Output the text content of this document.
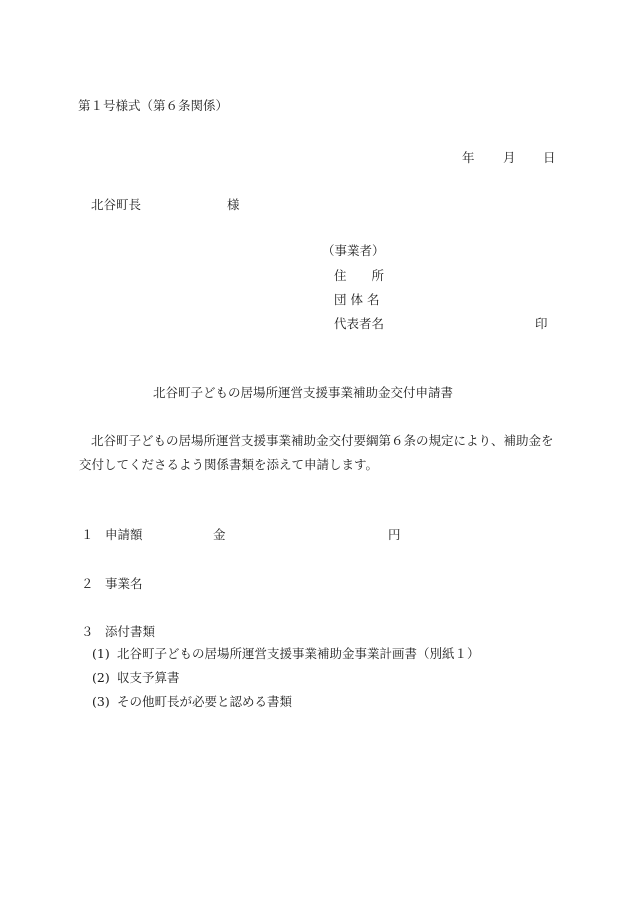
第１号様式（第６条関係）
年 月 日
北谷町長	様
（事業者）
住　　所
団 体 名
代表者名	印
北谷町子どもの居場所運営支援事業補助金交付申請書
北谷町子どもの居場所運営支援事業補助金交付要綱第６条の規定により、補助金を交付してくださるよう関係書類を添えて申請します。
１ 申請額	金	円
２ 事業名
３ 添付書類
(1) 北谷町子どもの居場所運営支援事業補助金事業計画書（別紙１）
(2) 収支予算書
(3) その他町長が必要と認める書類
